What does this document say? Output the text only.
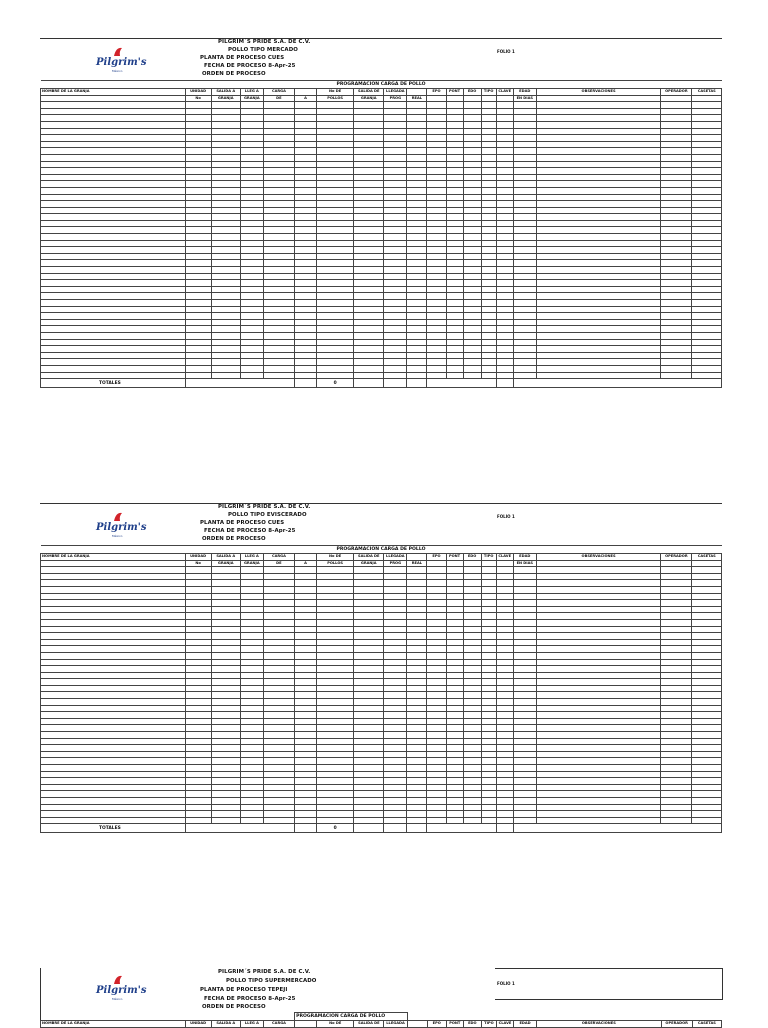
Pilgrim's
México
PILGRIM´S PRIDE S.A. DE C.V.
POLLO TIPO MERCADO
PLANTA DE PROCESO CUES
FECHA DE PROCESO 8-Apr-25
ORDEN DE PROCESO
FOLIO 1
PROGRAMACION CARGA DE POLLO																		
NOMBRE DE LA GRANJA	UNIDAD	SALIDA A	LLEG A	CARGA		No DE	SALIDA DE	LLEGADA		EPO	PONT	EDO	TIPO	CLAVE	EDAD	OBSERVACIONES	OPERADOR	CASETAS
	No	GRANJA	GRANJA	DE	A	POLLOS	GRANJA	PROG	REAL						EN DIAS			

TOTALES						0												
Pilgrim's
México
PILGRIM´S PRIDE S.A. DE C.V.
POLLO TIPO EVISCERADO
PLANTA DE PROCESO CUES
FECHA DE PROCESO 8-Apr-25
ORDEN DE PROCESO
FOLIO 1
PROGRAMACION CARGA DE POLLO																		
NOMBRE DE LA GRANJA	UNIDAD	SALIDA A	LLEG A	CARGA		No DE	SALIDA DE	LLEGADA		EPO	PONT	EDO	TIPO	CLAVE	EDAD	OBSERVACIONES	OPERADOR	CASETAS
	No	GRANJA	GRANJA	DE	A	POLLOS	GRANJA	PROG	REAL						EN DIAS			

TOTALES						0												
Pilgrim's
México
PILGRIM´S PRIDE S.A. DE C.V.
POLLO TIPO SUPERMERCADO
PLANTA DE PROCESO TEPEJI
FECHA DE PROCESO 8-Apr-25
ORDEN DE PROCESO
FOLIO 1
					PROGRAMACION CARGA DE POLLO													
NOMBRE DE LA GRANJA	UNIDAD	SALIDA A	LLEG A	CARGA		No DE	SALIDA DE	LLEGADA		EPO	PONT	EDO	TIPO	CLAVE	EDAD	OBSERVACIONES	OPERADOR	CASETAS
